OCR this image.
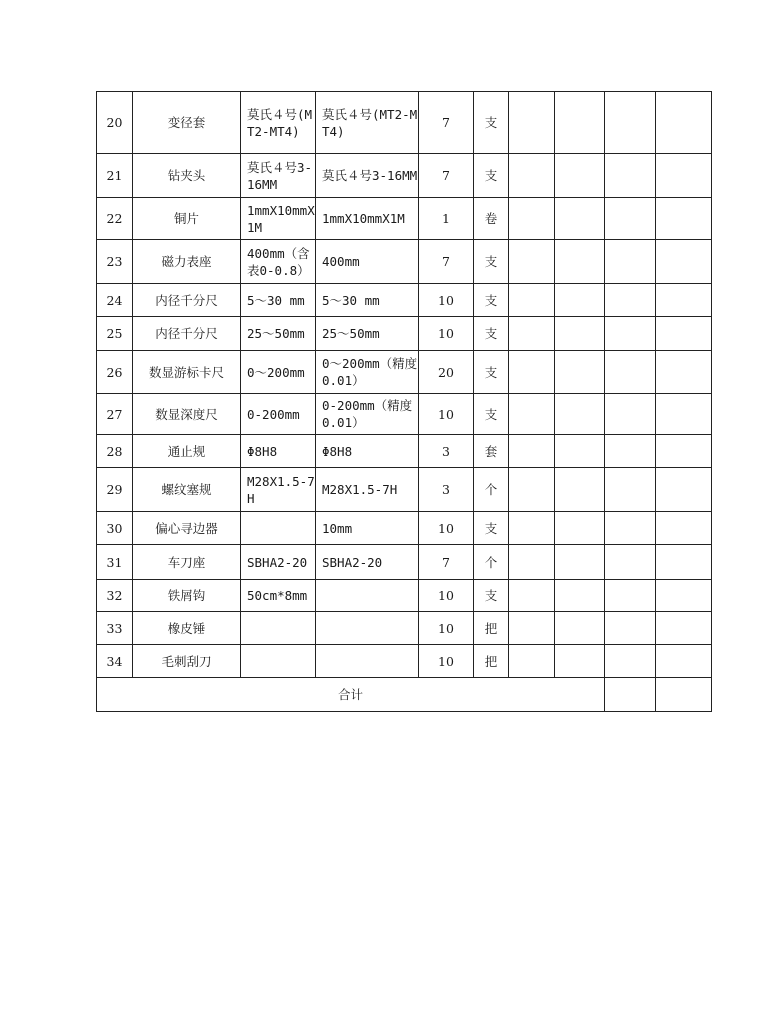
20	变径套	莫氏４号(MT2-MT4)	莫氏４号(MT2-MT4)	7	支				
21	钻夹头	莫氏４号3-16MM	莫氏４号3-16MM	7	支				
22	铜片	1mmX10mmX1M	1mmX10mmX1M	1	卷				
23	磁力表座	400mm（含表0-0.8）	400mm	7	支				
24	内径千分尺	5～30 mm	5～30 mm	10	支				
25	内径千分尺	25～50mm	25～50mm	10	支				
26	数显游标卡尺	0～200mm	0～200mm（精度0.01）	20	支				
27	数显深度尺	0-200mm	0-200mm（精度0.01）	10	支				
28	通止规	Φ8H8	Φ8H8	3	套				
29	螺纹塞规	M28X1.5-7H	M28X1.5-7H	3	个				
30	偏心寻边器		10mm	10	支				
31	车刀座	SBHA2-20	SBHA2-20	7	个				
32	铁屑钩	50cm*8mm		10	支				
33	橡皮锤			10	把				
34	毛刺刮刀			10	把				
合计									
